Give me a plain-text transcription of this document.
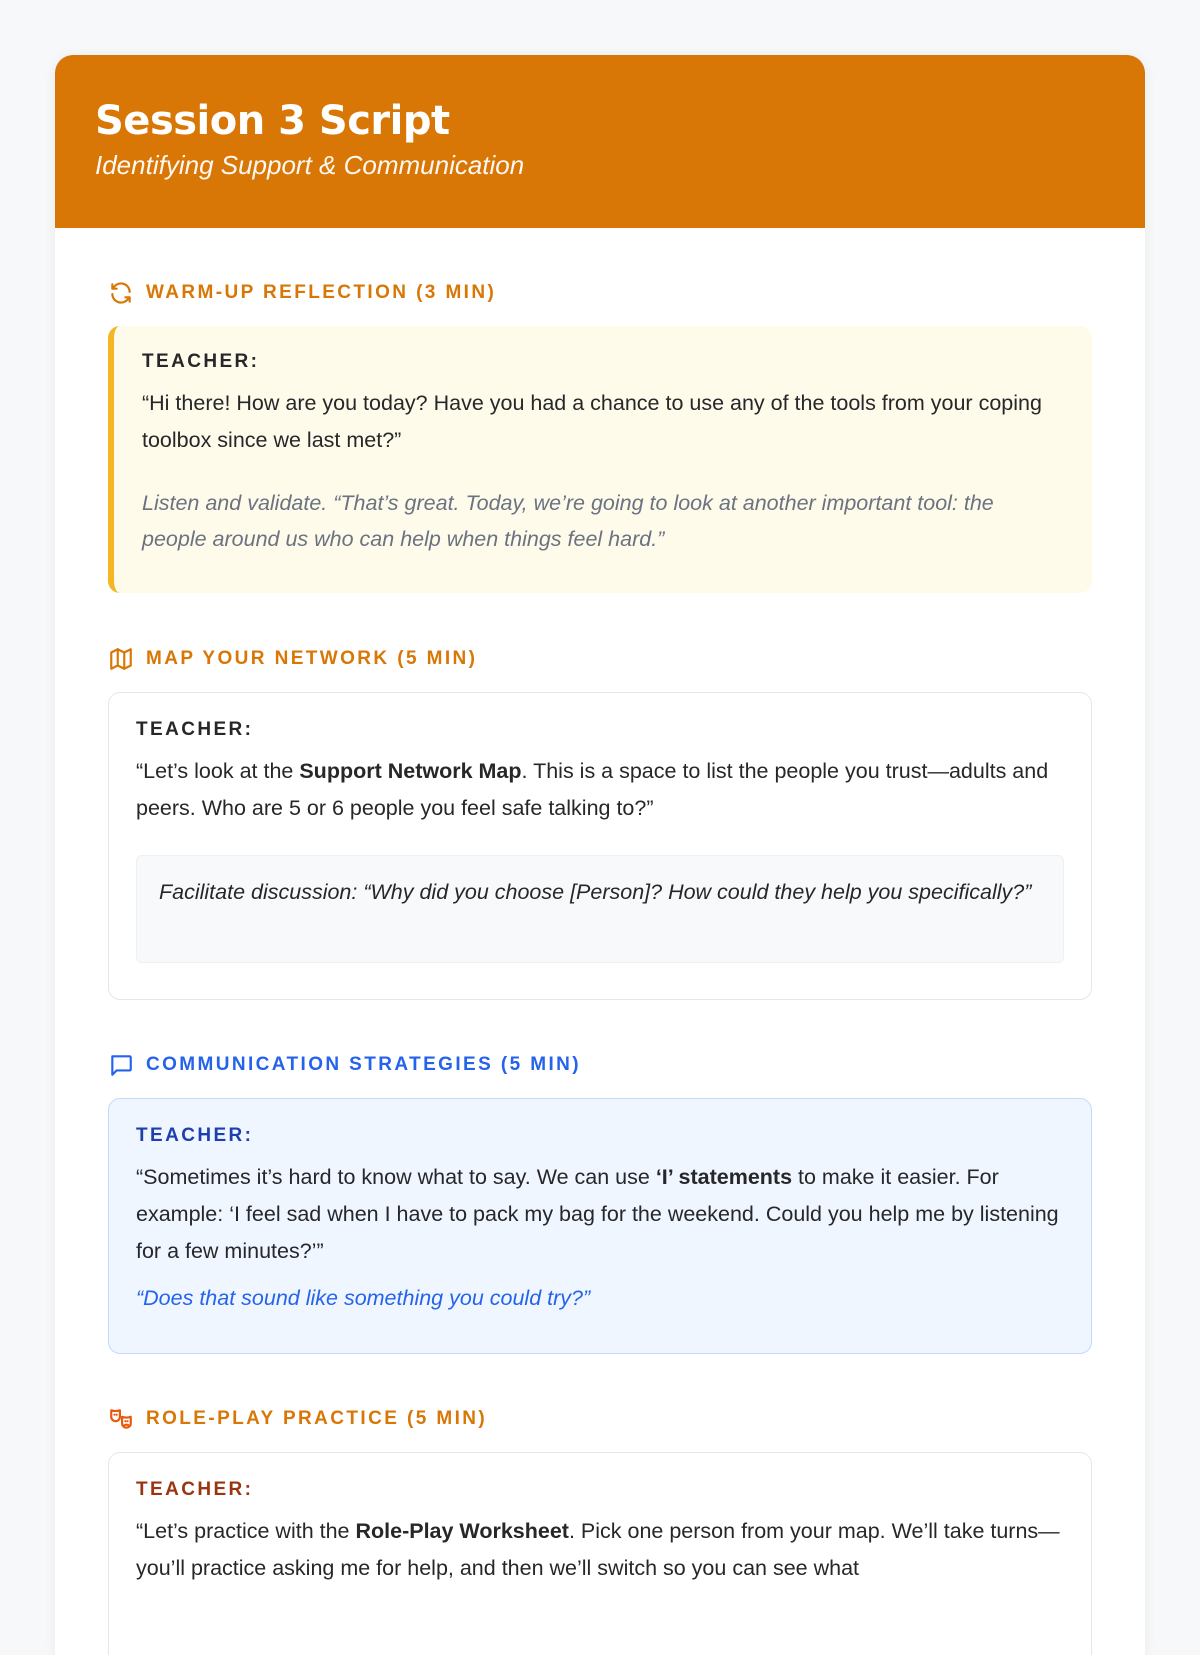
Session 3 Script
Identifying Support & Communication
WARM-UP REFLECTION (3 MIN)
TEACHER:
“Hi there! How are you today? Have you had a chance to use any of the tools from your coping toolbox since we last met?”
Listen and validate. “That’s great. Today, we’re going to look at another important tool: the people around us who can help when things feel hard.”
MAP YOUR NETWORK (5 MIN)
TEACHER:
“Let’s look at the Support Network Map. This is a space to list the people you trust—adults and peers. Who are 5 or 6 people you feel safe talking to?”
Facilitate discussion: “Why did you choose [Person]? How could they help you specifically?”
COMMUNICATION STRATEGIES (5 MIN)
TEACHER:
“Sometimes it’s hard to know what to say. We can use ‘I’ statements to make it easier. For example: ‘I feel sad when I have to pack my bag for the weekend. Could you help me by listening for a few minutes?’”
“Does that sound like something you could try?”
ROLE-PLAY PRACTICE (5 MIN)
TEACHER:
“Let’s practice with the Role-Play Worksheet. Pick one person from your map. We’ll take turns—you’ll practice asking me for help, and then we’ll switch so you can see what
